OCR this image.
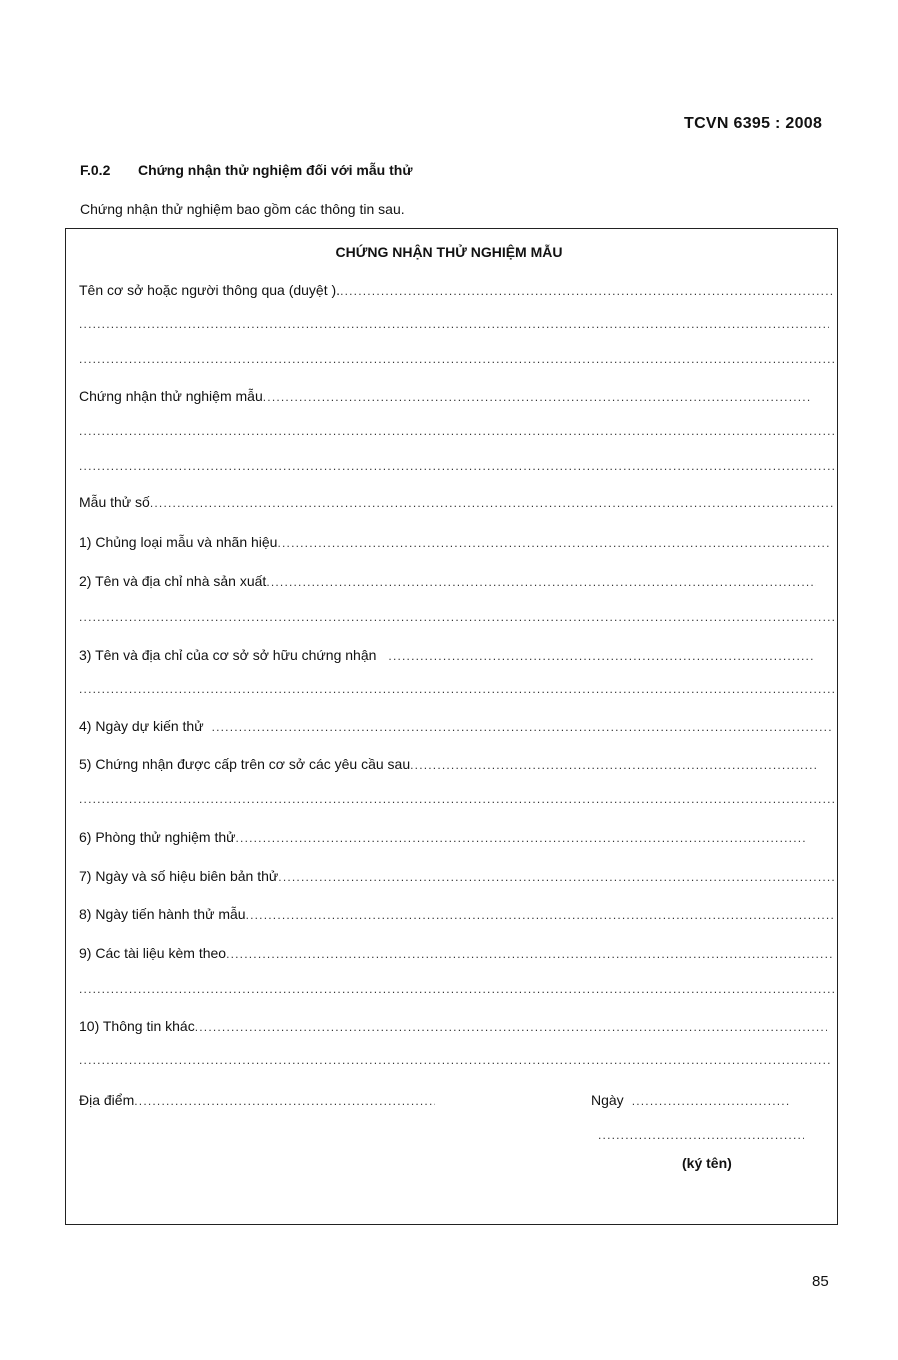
TCVN 6395 : 2008
F.0.2 Chứng nhận thử nghiệm đối với mẫu thử
Chứng nhận thử nghiệm bao gồm các thông tin sau.
CHỨNG NHẬN THỬ NGHIỆM MẪU
Tên cơ sở hoặc người thông qua (duyệt ).
.....
.....
.....
Chứng nhận thử nghiệm mẫu
.....
.....
.....
Mẫu thử số
.....
1) Chủng loại mẫu và nhãn hiệu
.....
2) Tên và địa chỉ nhà sản xuất
.....
.....
3) Tên và địa chỉ của cơ sở sở hữu chứng nhận
.....
.....
4) Ngày dự kiến thử
.....
5) Chứng nhận được cấp trên cơ sở các yêu cầu sau
.....
.....
6) Phòng thử nghiệm thử
.....
7) Ngày và số hiệu biên bản thử
.....
8) Ngày tiến hành thử mẫu
.....
9) Các tài liệu kèm theo
.....
.....
10) Thông tin khác
.....
.....
Địa điểm
.....	Ngày
.....
.....
(ký tên)
85
